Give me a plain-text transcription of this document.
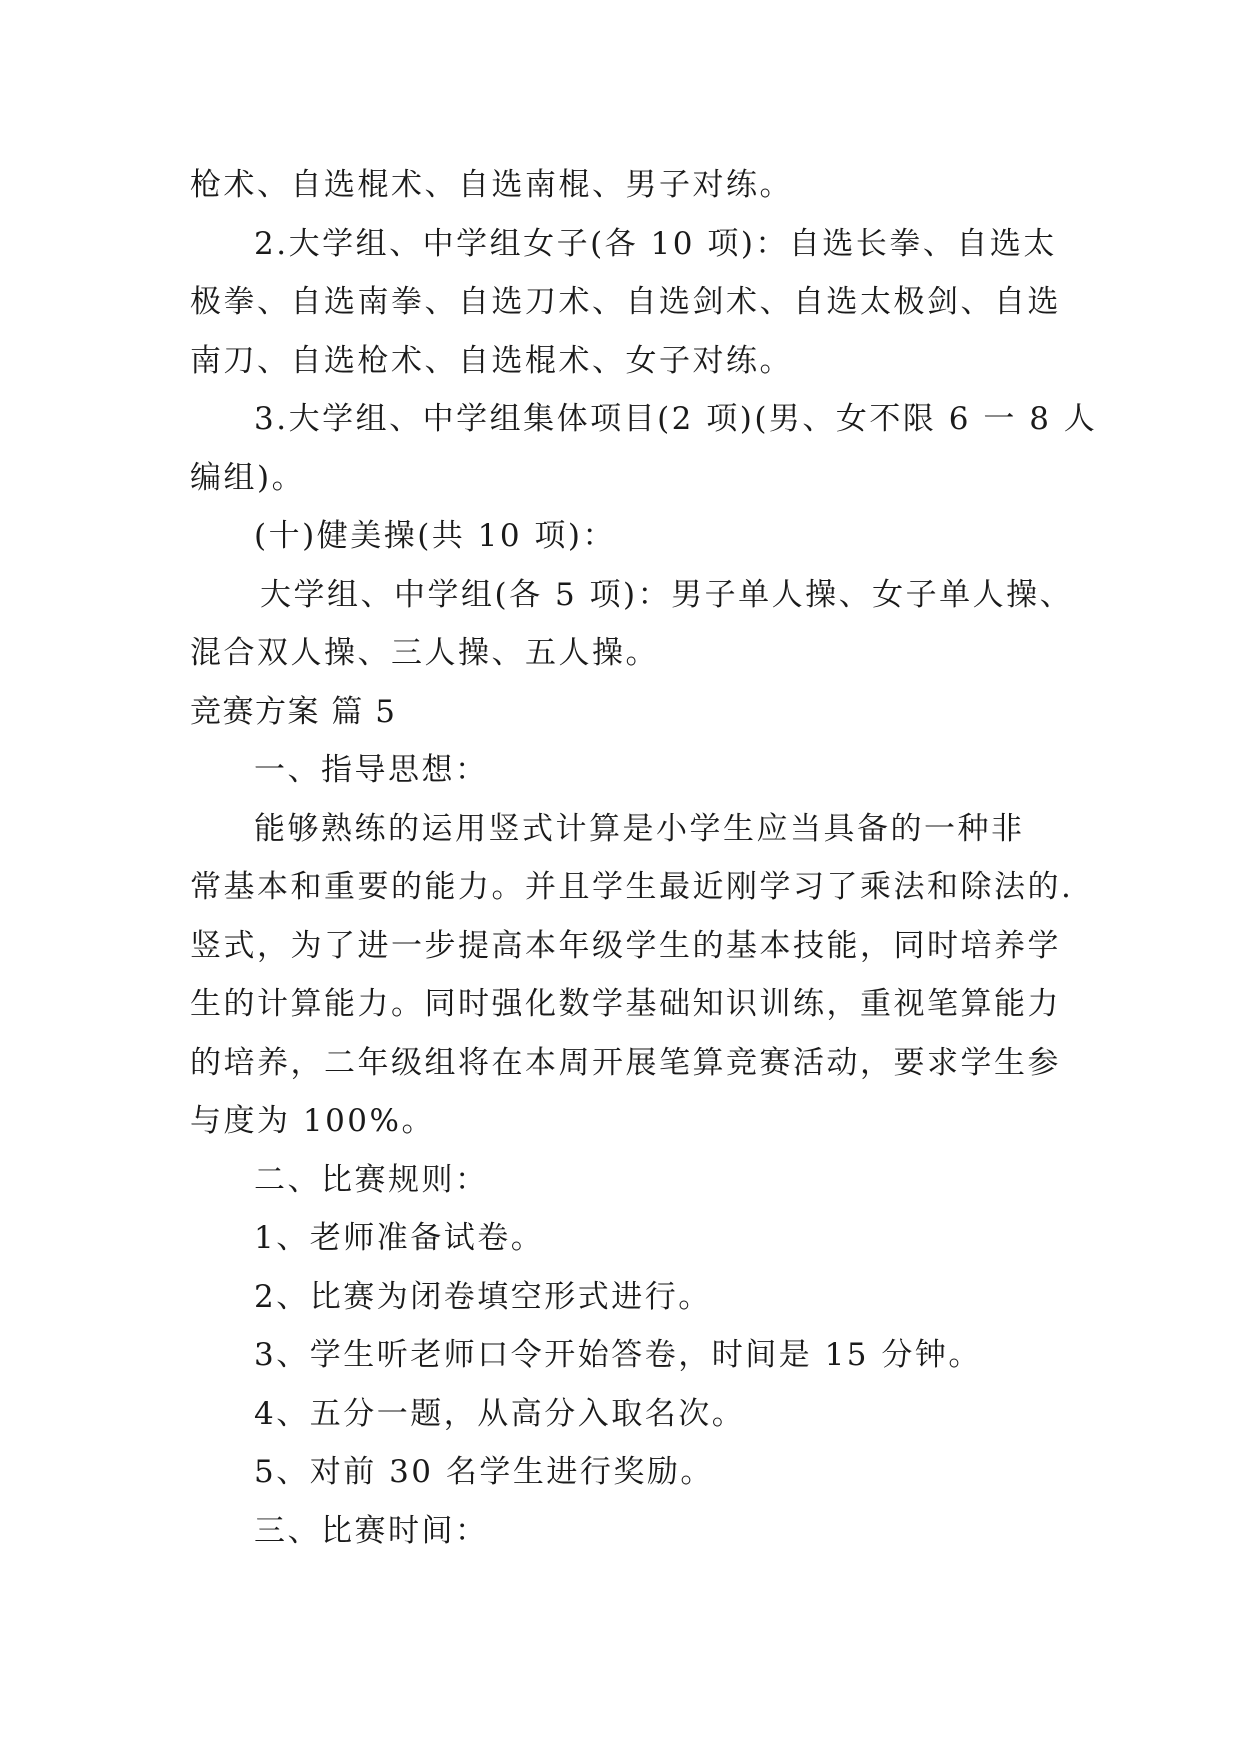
枪术、自选棍术、自选南棍、男子对练。
2.大学组、中学组女子(各 10 项)：自选长拳、自选太
极拳、自选南拳、自选刀术、自选剑术、自选太极剑、自选
南刀、自选枪术、自选棍术、女子对练。
3.大学组、中学组集体项目(2 项)(男、女不限 6 一 8 人
编组)。
(十)健美操(共 10 项)：
大学组、中学组(各 5 项)：男子单人操、女子单人操、
混合双人操、三人操、五人操。
竞赛方案 篇 5
一、指导思想：
能够熟练的运用竖式计算是小学生应当具备的一种非
常基本和重要的能力。并且学生最近刚学习了乘法和除法的.
竖式，为了进一步提高本年级学生的基本技能，同时培养学
生的计算能力。同时强化数学基础知识训练，重视笔算能力
的培养，二年级组将在本周开展笔算竞赛活动，要求学生参
与度为 100%。
二、比赛规则：
1、老师准备试卷。
2、比赛为闭卷填空形式进行。
3、学生听老师口令开始答卷，时间是 15 分钟。
4、五分一题，从高分入取名次。
5、对前 30 名学生进行奖励。
三、比赛时间：
